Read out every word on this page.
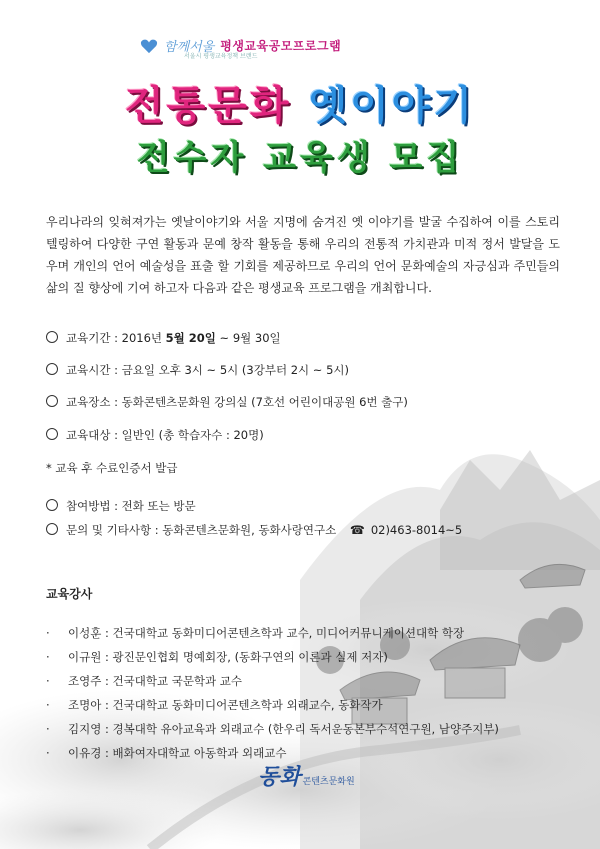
함께서울
서울시 평생교육정책 브랜드
평생교육공모프로그램
전통문화 옛이야기
전수자 교육생 모집
우리나라의 잊혀져가는 옛날이야기와 서울 지명에 숨겨진 옛 이야기를 발굴 수집하여 이를 스토리텔링하여 다양한 구연 활동과 문예 창작 활동을 통해 우리의 전통적 가치관과 미적 정서 발달을 도우며 개인의 언어 예술성을 표출 할 기회를 제공하므로 우리의 언어 문화예술의 자긍심과 주민들의 삶의 질 향상에 기여 하고자 다음과 같은 평생교육 프로그램을 개최합니다.
교육기간 : 2016년 5월 20일 ~ 9월 30일
교육시간 : 금요일 오후 3시 ~ 5시 (3강부터 2시 ~ 5시)
교육장소 : 동화콘텐츠문화원 강의실 (7호선 어린이대공원 6번 출구)
교육대상 : 일반인 (총 학습자수 : 20명)
* 교육 후 수료인증서 발급
참여방법 : 전화 또는 방문
문의 및 기타사항 : 동화콘텐츠문화원, 동화사랑연구소 ☎ 02)463-8014~5
교육강사
· 이성훈 : 건국대학교 동화미디어콘텐츠학과 교수, 미디어커뮤니케이션대학 학장
· 이규원 : 광진문인협회 명예회장, (동화구연의 이론과 실제 저자)
· 조영주 : 건국대학교 국문학과 교수
· 조명아 : 건국대학교 동화미디어콘텐츠학과 외래교수, 동화작가
· 김지영 : 경복대학 유아교육과 외래교수 (한우리 독서운동본부수석연구원, 남양주지부)
· 이유경 : 배화여자대학교 아동학과 외래교수
동화 콘텐츠문화원
